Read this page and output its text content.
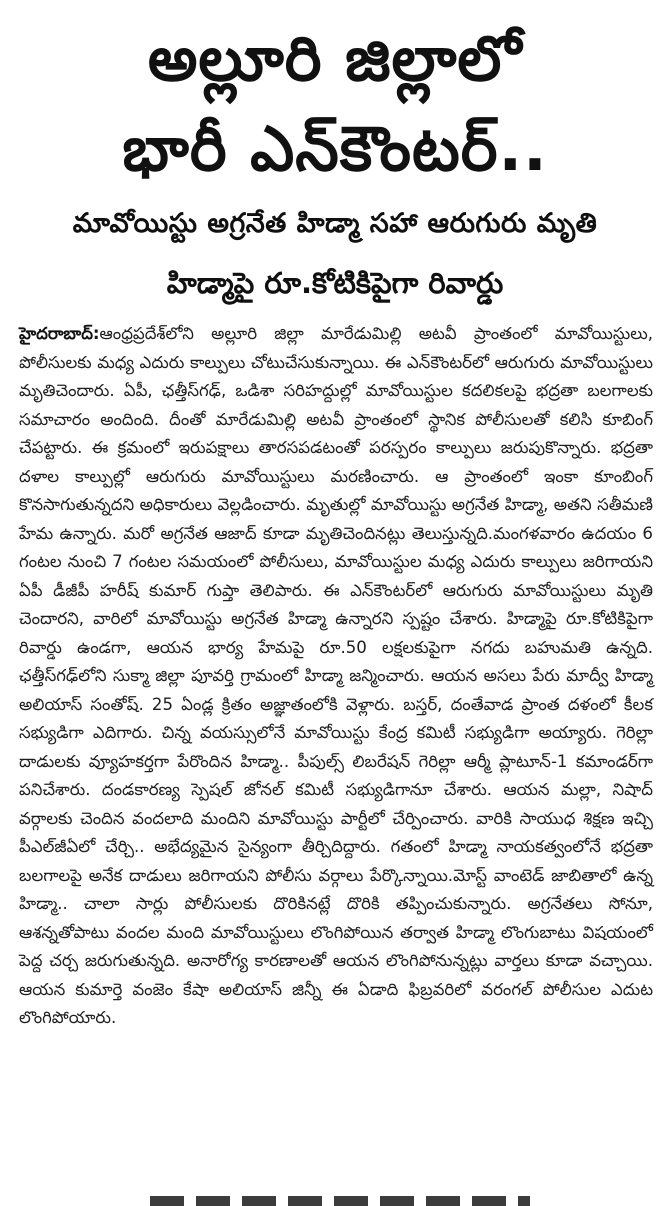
అల్లూరి జిల్లాలో
భారీ ఎన్‌కౌంటర్‌..
మావోయిస్టు అగ్రనేత హిడ్మా సహా ఆరుగురు మృతి
హిడ్మాపై రూ.కోటికిపైగా రివార్డు

హైదరాబాద్‌:ఆంధ్రప్రదేశ్‌లోని అల్లూరి జిల్లా మారేడుమిల్లి అటవీ ప్రాంతంలో మావోయిస్టులు, పోలీసులకు మధ్య ఎదురు కాల్పులు చోటుచేసుకున్నాయి. ఈ ఎన్‌కౌంటర్‌లో ఆరుగురు మావోయిస్టులు మృతిచెందారు. ఏపీ, ఛత్తీస్‌గఢ్‌, ఒడిశా సరిహద్దుల్లో మావోయిస్టుల కదలికలపై భద్రతా బలగాలకు సమాచారం అందింది. దీంతో మారేడుమిల్లి అటవీ ప్రాంతంలో స్థానిక పోలీసులతో కలిసి కూబింగ్‌ చేపట్టారు. ఈ క్రమంలో ఇరుపక్షాలు తారసపడటంతో పరస్పరం కాల్పులు జరుపుకొన్నారు. భద్రతా దళాల కాల్పుల్లో ఆరుగురు మావోయిస్టులు మరణించారు. ఆ ప్రాంతంలో ఇంకా కూంబింగ్‌ కొనసాగుతున్నదని అధికారులు వెల్లడించారు. మృతుల్లో మావోయిస్టు అగ్రనేత హిడ్మా, అతని సతీమణి హేమ ఉన్నారు. మరో అగ్రనేత ఆజాద్‌ కూడా మృతిచెందినట్లు తెలుస్తున్నది.మంగళవారం ఉదయం 6 గంటల నుంచి 7 గంటల సమయంలో పోలీసులు, మావోయిస్టుల మధ్య ఎదురు కాల్పులు జరిగాయని ఏపీ డీజీపీ హరీష్‌ కుమార్‌ గుప్తా తెలిపారు. ఈ ఎన్‌కౌంటర్‌లో ఆరుగురు మావోయిస్టులు మృతి చెందారని, వారిలో మావోయిస్టు అగ్రనేత హిడ్మా ఉన్నారని స్పష్టం చేశారు. హిడ్మాపై రూ.కోటికిపైగా రివార్డు ఉండగా, ఆయన భార్య హేమపై రూ.50 లక్షలకుపైగా నగదు బహుమతి ఉన్నది. ఛత్తీస్‌గఢ్‌లోని సుక్మా జిల్లా పూవర్తి గ్రామంలో హిడ్మా జన్మించారు. ఆయన అసలు పేరు మాద్వీ హిడ్మా అలియాస్‌ సంతోష్‌. 25 ఏండ్ల క్రితం అజ్ఞాతంలోకి వెళ్లారు. బస్తర్‌, దంతేవాడ ప్రాంత దళంలో కీలక సభ్యుడిగా ఎదిగారు. చిన్న వయస్సులోనే మావోయిస్టు కేంద్ర కమిటీ సభ్యుడిగా అయ్యారు. గెరిల్లా దాడులకు వ్యూహకర్తగా పేరొందిన హిడ్మా.. పీపుల్స్‌ లిబరేషన్‌ గెరిల్లా ఆర్మీ ప్లాటూన్‌-1 కమాండర్‌గా పనిచేశారు. దండకారణ్య స్పెషల్‌ జోనల్‌ కమిటీ సభ్యుడిగానూ చేశారు. ఆయన మల్లా, నిషాద్‌ వర్గాలకు చెందిన వందలాది మందిని మావోయిస్టు పార్టీలో చేర్పించారు. వారికి సాయుధ శిక్షణ ఇచ్చి పీఎల్‌జీఏలో చేర్చి.. అభేద్యమైన సైన్యంగా తీర్చిదిద్దారు. గతంలో హిడ్మా నాయకత్వంలోనే భద్రతా బలగాలపై అనేక దాడులు జరిగాయని పోలీసు వర్గాలు పేర్కొన్నాయి.మోస్ట్‌ వాంటెడ్‌ జాబితాలో ఉన్న హిడ్మా.. చాలా సార్లు పోలీసులకు దొరికినట్లే దొరికి తప్పించుకున్నారు. అగ్రనేతలు సోనూ, ఆశన్నతోపాటు వందల మంది మావోయిస్టులు లొంగిపోయిన తర్వాత హిడ్మా లొంగుబాటు విషయంలో పెద్ద చర్చ జరుగుతున్నది. అనారోగ్య కారణాలతో ఆయన లొంగిపోనున్నట్లు వార్తలు కూడా వచ్చాయి. ఆయన కుమార్తె వంజెం కేషా అలియాస్‌ జిన్నీ ఈ ఏడాది ఫిబ్రవరిలో వరంగల్‌ పోలీసుల ఎదుట లొంగిపోయారు.
